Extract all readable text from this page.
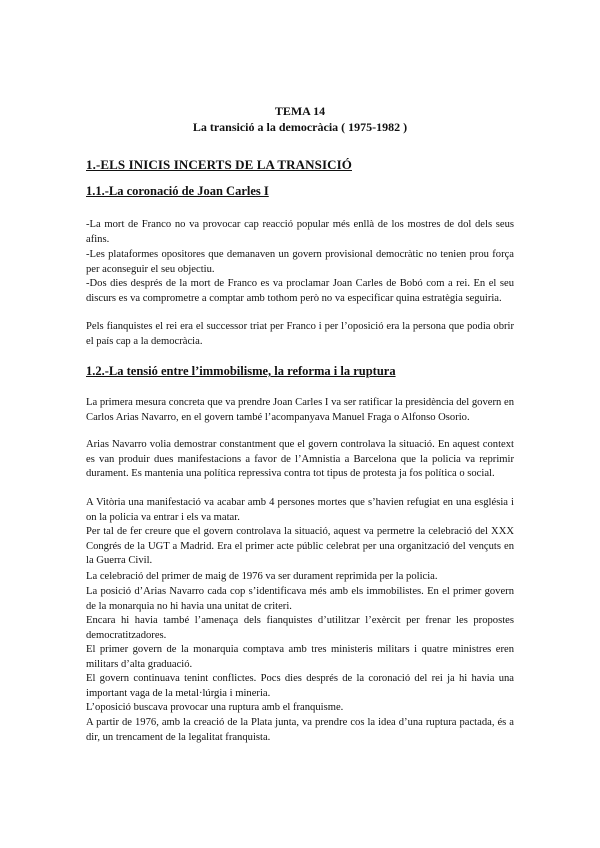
TEMA 14
La transició a la democràcia ( 1975-1982 )
1.-ELS INICIS INCERTS DE LA TRANSICIÓ
1.1.-La coronació de Joan Carles I

-La mort de Franco no va provocar cap reacció popular més enllà de los mostres de dol dels seus afins.

-Les plataformes opositores que demanaven un govern provisional democràtic no tenien prou força per aconseguir el seu objectiu.

-Dos dies després de la mort de Franco es va proclamar Joan Carles de Bobó com a rei. En el seu discurs es va comprometre a comptar amb tothom però no va especificar quina estratègia seguiria.

Pels fianquistes el rei era el successor triat per Franco i per l’oposició era la persona que podia obrir el país cap a la democràcia.

1.2.-La tensió entre l’immobilisme, la reforma i la ruptura

La primera mesura concreta que va prendre Joan Carles I va ser ratificar la presidència del govern en Carlos Arias Navarro, en el govern també l’acompanyava Manuel Fraga o Alfonso Osorio.

Arias Navarro volia demostrar constantment que el govern controlava la situació. En aquest context es van produir dues manifestacions a favor de l’Amnistia a Barcelona que la policia va reprimir durament. Es mantenia una política repressiva contra tot tipus de protesta ja fos política o social.

A Vitòria una manifestació va acabar amb 4 persones mortes que s’havien refugiat en una església i on la policia va entrar i els va matar.

Per tal de fer creure que el govern controlava la situació, aquest va permetre la celebració del XXX Congrés de la UGT a Madrid. Era el primer acte públic celebrat per una organització del vençuts en la Guerra Civil.

La celebració del primer de maig de 1976 va ser durament reprimida per la policia.

La posició d’Arias Navarro cada cop s’identificava més amb els immobilistes. En el primer govern de la monarquia no hi havia una unitat de criteri.

Encara hi havia també l’amenaça dels fianquistes d’utilitzar l’exèrcit per frenar les propostes democratitzadores.

El primer govern de la monarquia comptava amb tres ministeris militars i quatre ministres eren militars d’alta graduació.

El govern continuava tenint conflictes. Pocs dies després de la coronació del rei ja hi havia una important vaga de la metal·lúrgia i mineria.

L’oposició buscava provocar una ruptura amb el franquisme.

A partir de 1976, amb la creació de la Plata junta, va prendre cos la idea d’una ruptura pactada, és a dir, un trencament de la legalitat franquista.
